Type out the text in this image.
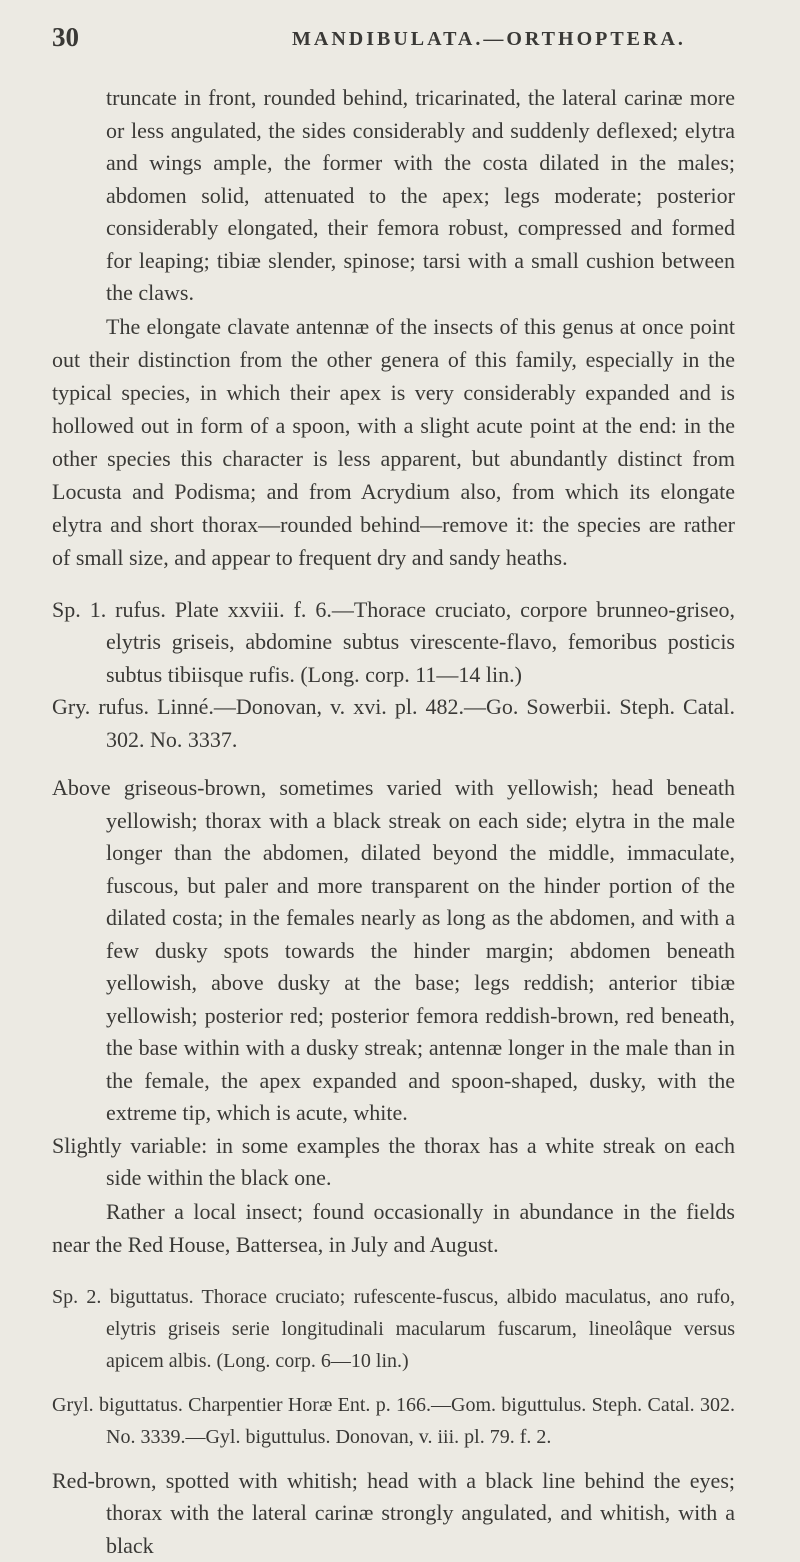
30	MANDIBULATA.—ORTHOPTERA.

truncate in front, rounded behind, tricarinated, the lateral carinæ more or less angulated, the sides considerably and suddenly deflexed; elytra and wings ample, the former with the costa dilated in the males; abdomen solid, attenuated to the apex; legs moderate; posterior considerably elongated, their femora robust, compressed and formed for leaping; tibiæ slender, spinose; tarsi with a small cushion between the claws.

The elongate clavate antennæ of the insects of this genus at once point out their distinction from the other genera of this family, especially in the typical species, in which their apex is very considerably expanded and is hollowed out in form of a spoon, with a slight acute point at the end: in the other species this character is less apparent, but abundantly distinct from Locusta and Podisma; and from Acrydium also, from which its elongate elytra and short thorax—rounded behind—remove it: the species are rather of small size, and appear to frequent dry and sandy heaths.

Sp. 1. rufus. Plate xxviii. f. 6.—Thorace cruciato, corpore brunneo-griseo, elytris griseis, abdomine subtus virescente-flavo, femoribus posticis subtus tibiisque rufis. (Long. corp. 11—14 lin.)

Gry. rufus. Linné.—Donovan, v. xvi. pl. 482.—Go. Sowerbii. Steph. Catal. 302. No. 3337.

Above griseous-brown, sometimes varied with yellowish; head beneath yellowish; thorax with a black streak on each side; elytra in the male longer than the abdomen, dilated beyond the middle, immaculate, fuscous, but paler and more transparent on the hinder portion of the dilated costa; in the females nearly as long as the abdomen, and with a few dusky spots towards the hinder margin; abdomen beneath yellowish, above dusky at the base; legs reddish; anterior tibiæ yellowish; posterior red; posterior femora reddish-brown, red beneath, the base within with a dusky streak; antennæ longer in the male than in the female, the apex expanded and spoon-shaped, dusky, with the extreme tip, which is acute, white.

Slightly variable: in some examples the thorax has a white streak on each side within the black one.

Rather a local insect; found occasionally in abundance in the fields near the Red House, Battersea, in July and August.

Sp. 2. biguttatus. Thorace cruciato; rufescente-fuscus, albido maculatus, ano rufo, elytris griseis serie longitudinali macularum fuscarum, lineolâque versus apicem albis. (Long. corp. 6—10 lin.)

Gryl. biguttatus. Charpentier Horæ Ent. p. 166.—Gom. biguttulus. Steph. Catal. 302. No. 3339.—Gyl. biguttulus. Donovan, v. iii. pl. 79. f. 2.

Red-brown, spotted with whitish; head with a black line behind the eyes; thorax with the lateral carinæ strongly angulated, and whitish, with a black
